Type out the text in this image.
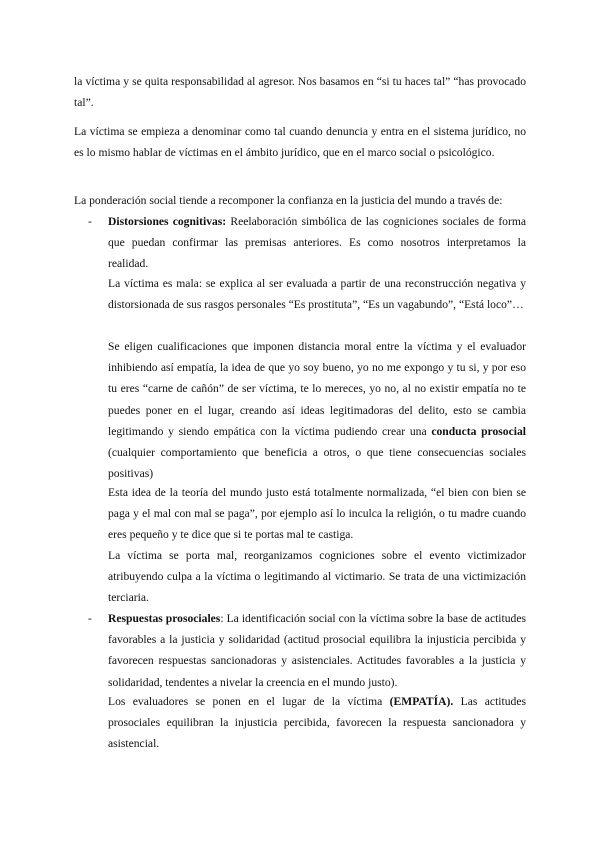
la víctima y se quita responsabilidad al agresor. Nos basamos en “si tu haces tal” “has provocado tal”.

La víctima se empieza a denominar como tal cuando denuncia y entra en el sistema jurídico, no es lo mismo hablar de víctimas en el ámbito jurídico, que en el marco social o psicológico.

La ponderación social tiende a recomponer la confianza en la justicia del mundo a través de:

- Distorsiones cognitivas: Reelaboración simbólica de las cogniciones sociales de forma que puedan confirmar las premisas anteriores. Es como nosotros interpretamos la realidad.

La víctima es mala: se explica al ser evaluada a partir de una reconstrucción negativa y distorsionada de sus rasgos personales “Es prostituta”, “Es un vagabundo”, “Está loco”…

Se eligen cualificaciones que imponen distancia moral entre la víctima y el evaluador inhibiendo así empatía, la idea de que yo soy bueno, yo no me expongo y tu si, y por eso tu eres “carne de cañón” de ser víctima, te lo mereces, yo no, al no existir empatía no te puedes poner en el lugar, creando así ideas legitimadoras del delito, esto se cambia legitimando y siendo empática con la víctima pudiendo crear una conducta prosocial (cualquier comportamiento que beneficia a otros, o que tiene consecuencias sociales positivas)

Esta idea de la teoría del mundo justo está totalmente normalizada, “el bien con bien se paga y el mal con mal se paga”, por ejemplo así lo inculca la religión, o tu madre cuando eres pequeño y te dice que si te portas mal te castiga.

La víctima se porta mal, reorganizamos cogniciones sobre el evento victimizador atribuyendo culpa a la víctima o legitimando al victimario. Se trata de una victimización terciaria.

- Respuestas prosociales: La identificación social con la víctima sobre la base de actitudes favorables a la justicia y solidaridad (actitud prosocial equilibra la injusticia percibida y favorecen respuestas sancionadoras y asistenciales. Actitudes favorables a la justicia y solidaridad, tendentes a nivelar la creencia en el mundo justo).

Los evaluadores se ponen en el lugar de la víctima (EMPATÍA). Las actitudes prosociales equilibran la injusticia percibida, favorecen la respuesta sancionadora y asistencial.
